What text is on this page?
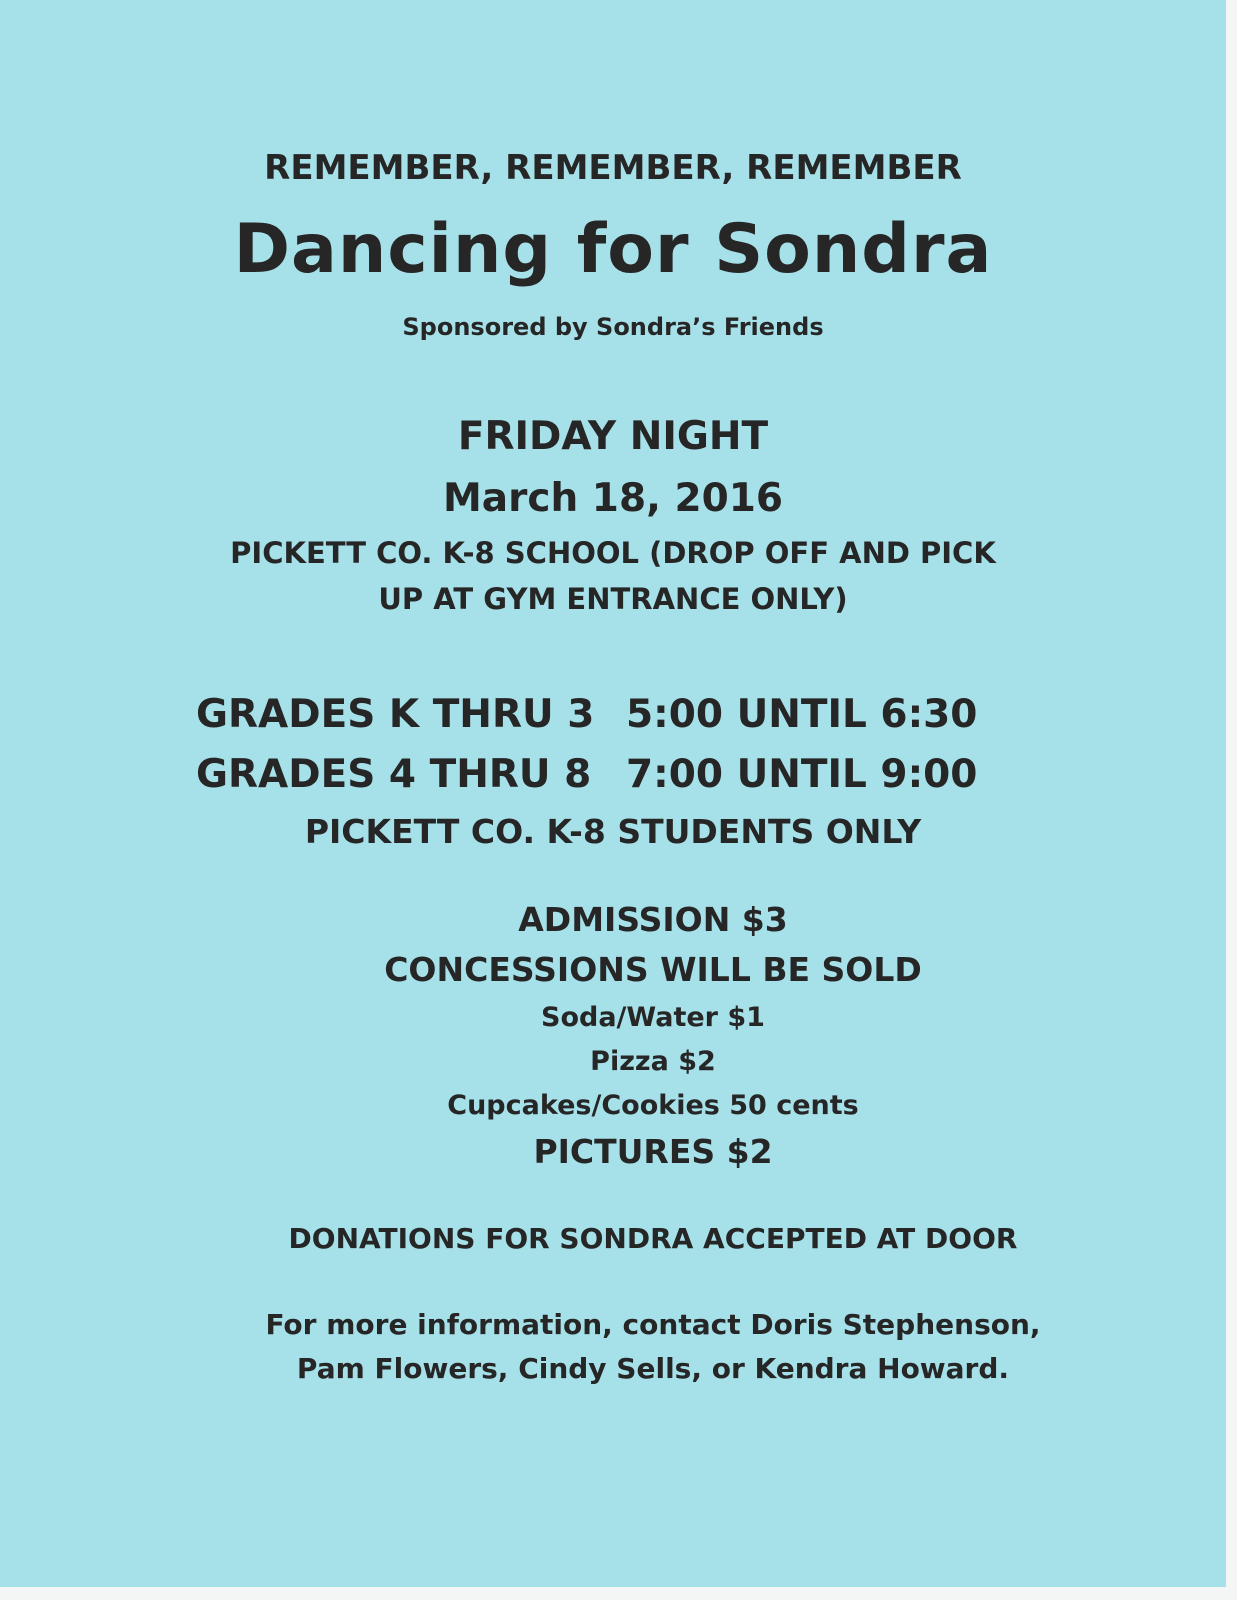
REMEMBER, REMEMBER, REMEMBER
Dancing for Sondra
Sponsored by Sondra’s Friends
FRIDAY NIGHT
March 18, 2016
PICKETT CO. K-8 SCHOOL (DROP OFF AND PICK
UP AT GYM ENTRANCE ONLY)
GRADES K THRU 3 5:00 UNTIL 6:30
GRADES 4 THRU 8 7:00 UNTIL 9:00
PICKETT CO. K-8 STUDENTS ONLY
ADMISSION $3
CONCESSIONS WILL BE SOLD
Soda/Water $1
Pizza $2
Cupcakes/Cookies 50 cents
PICTURES $2
DONATIONS FOR SONDRA ACCEPTED AT DOOR
For more information, contact Doris Stephenson,
Pam Flowers, Cindy Sells, or Kendra Howard.
